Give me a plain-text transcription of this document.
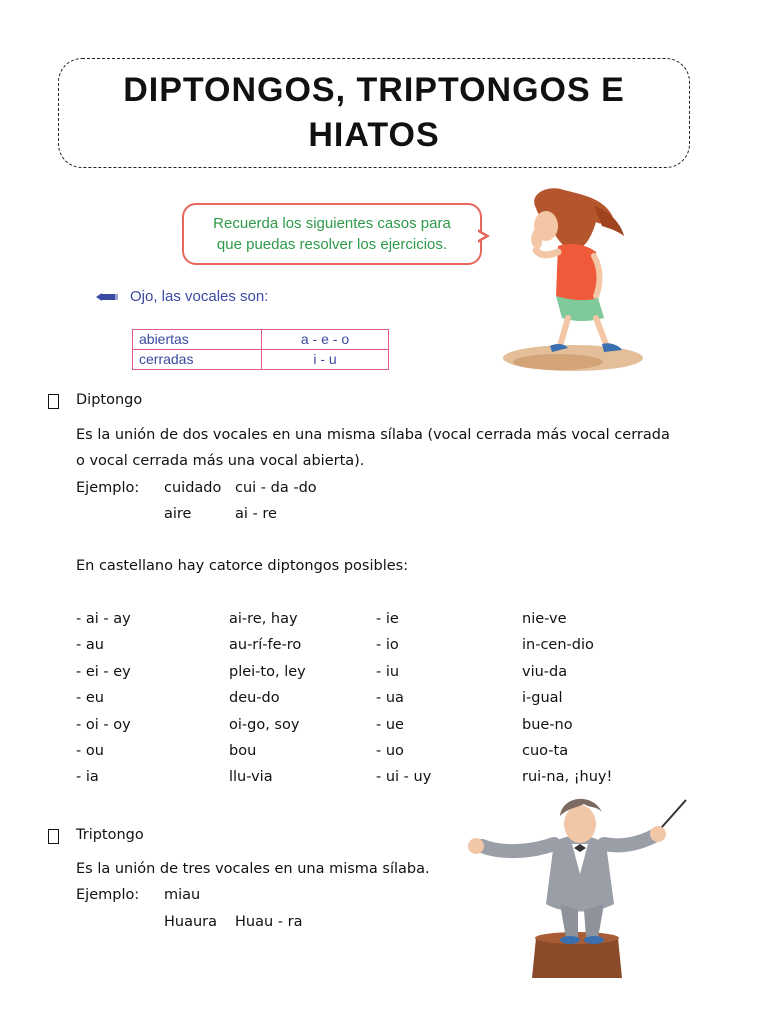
DIPTONGOS, TRIPTONGOS E HIATOS
Recuerda los siguientes casos para
que puedas resolver los ejercicios.
Ojo, las vocales son:
abiertas	a - e - o
cerradas	i - u
Diptongo
Es la unión de dos vocales en una misma sílaba (vocal cerrada más vocal cerrada
o vocal cerrada más una vocal abierta).
Ejemplo: cuidado cui - da -do
aire	ai - re
En castellano hay catorce diptongos posibles:
- ai - ay	ai-re, hay	- ie	nie-ve
- au	au-rí-fe-ro	- io	in-cen-dio
- ei - ey	plei-to, ley	- iu	viu-da
- eu	deu-do	- ua	i-gual
- oi - oy	oi-go, soy	- ue	bue-no
- ou	bou	- uo	cuo-ta
- ia	llu-via	- ui - uy	rui-na, ¡huy!
Triptongo
Es la unión de tres vocales en una misma sílaba.
Ejemplo: miau
Huaura Huau - ra
